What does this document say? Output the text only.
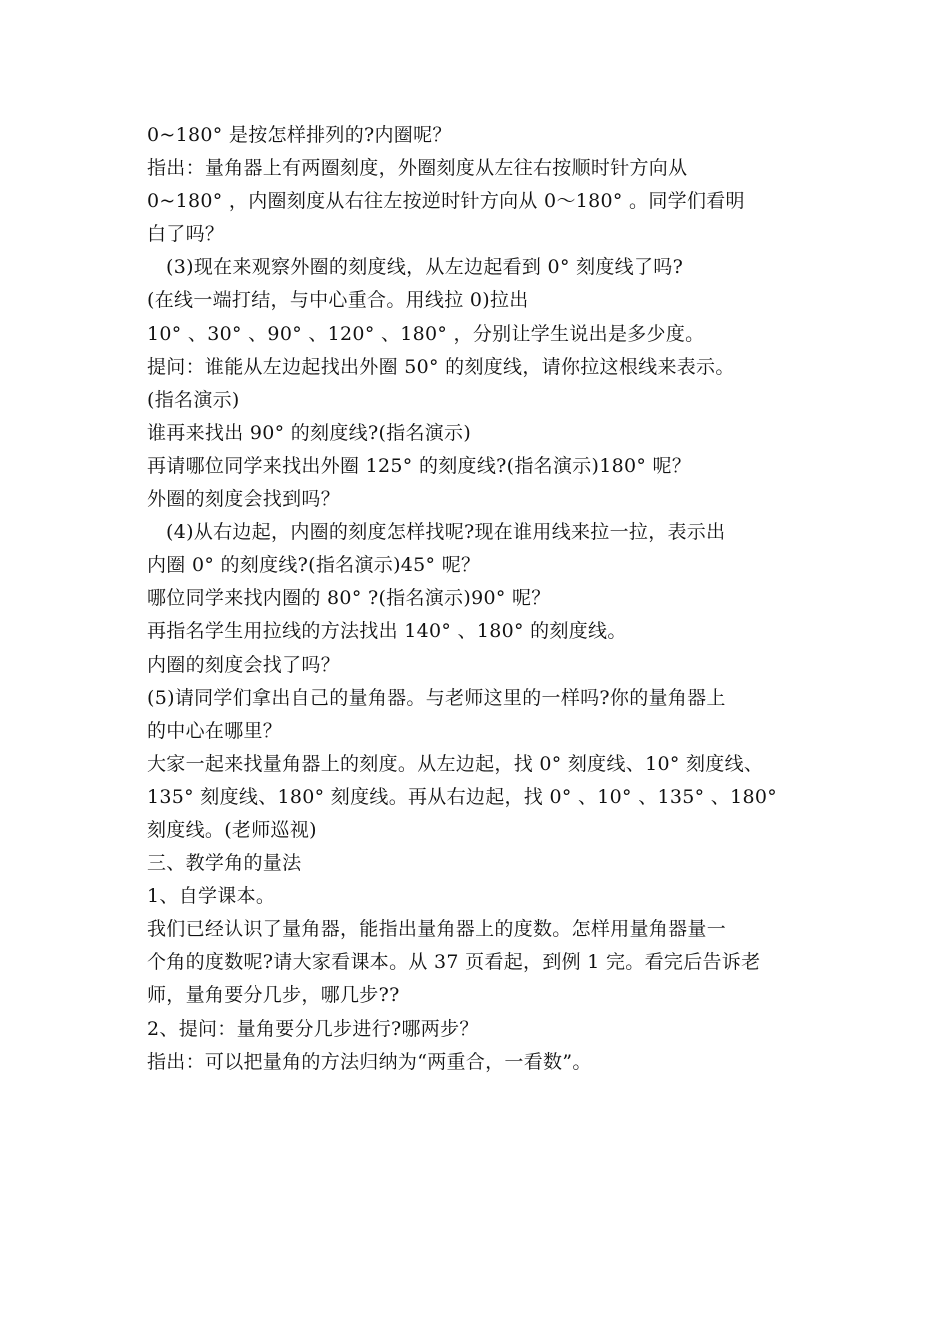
0~180° 是按怎样排列的?内圈呢？
指出：量角器上有两圈刻度，外圈刻度从左往右按顺时针方向从
0~180° ，内圈刻度从右往左按逆时针方向从 0～180° 。同学们看明
白了吗？
(3)现在来观察外圈的刻度线，从左边起看到 0° 刻度线了吗?
(在线一端打结，与中心重合。用线拉 0)拉出
10° 、30° 、90° 、120° 、180° ，分别让学生说出是多少度。
提问：谁能从左边起找出外圈 50° 的刻度线，请你拉这根线来表示。
(指名演示)
谁再来找出 90° 的刻度线?(指名演示)
再请哪位同学来找出外圈 125° 的刻度线?(指名演示)180° 呢？
外圈的刻度会找到吗？
(4)从右边起，内圈的刻度怎样找呢?现在谁用线来拉一拉，表示出
内圈 0° 的刻度线?(指名演示)45° 呢？
哪位同学来找内圈的 80° ?(指名演示)90° 呢？
再指名学生用拉线的方法找出 140° 、180° 的刻度线。
内圈的刻度会找了吗？
(5)请同学们拿出自己的量角器。与老师这里的一样吗?你的量角器上
的中心在哪里？
大家一起来找量角器上的刻度。从左边起，找 0° 刻度线、10° 刻度线、
135° 刻度线、180° 刻度线。再从右边起，找 0° 、10° 、135° 、180°
刻度线。(老师巡视)
三、教学角的量法
1、自学课本。
我们已经认识了量角器，能指出量角器上的度数。怎样用量角器量一
个角的度数呢?请大家看课本。从 37 页看起，到例 1 完。看完后告诉老
师，量角要分几步，哪几步??
2、提问：量角要分几步进行?哪两步？
指出：可以把量角的方法归纳为“两重合，一看数”。
